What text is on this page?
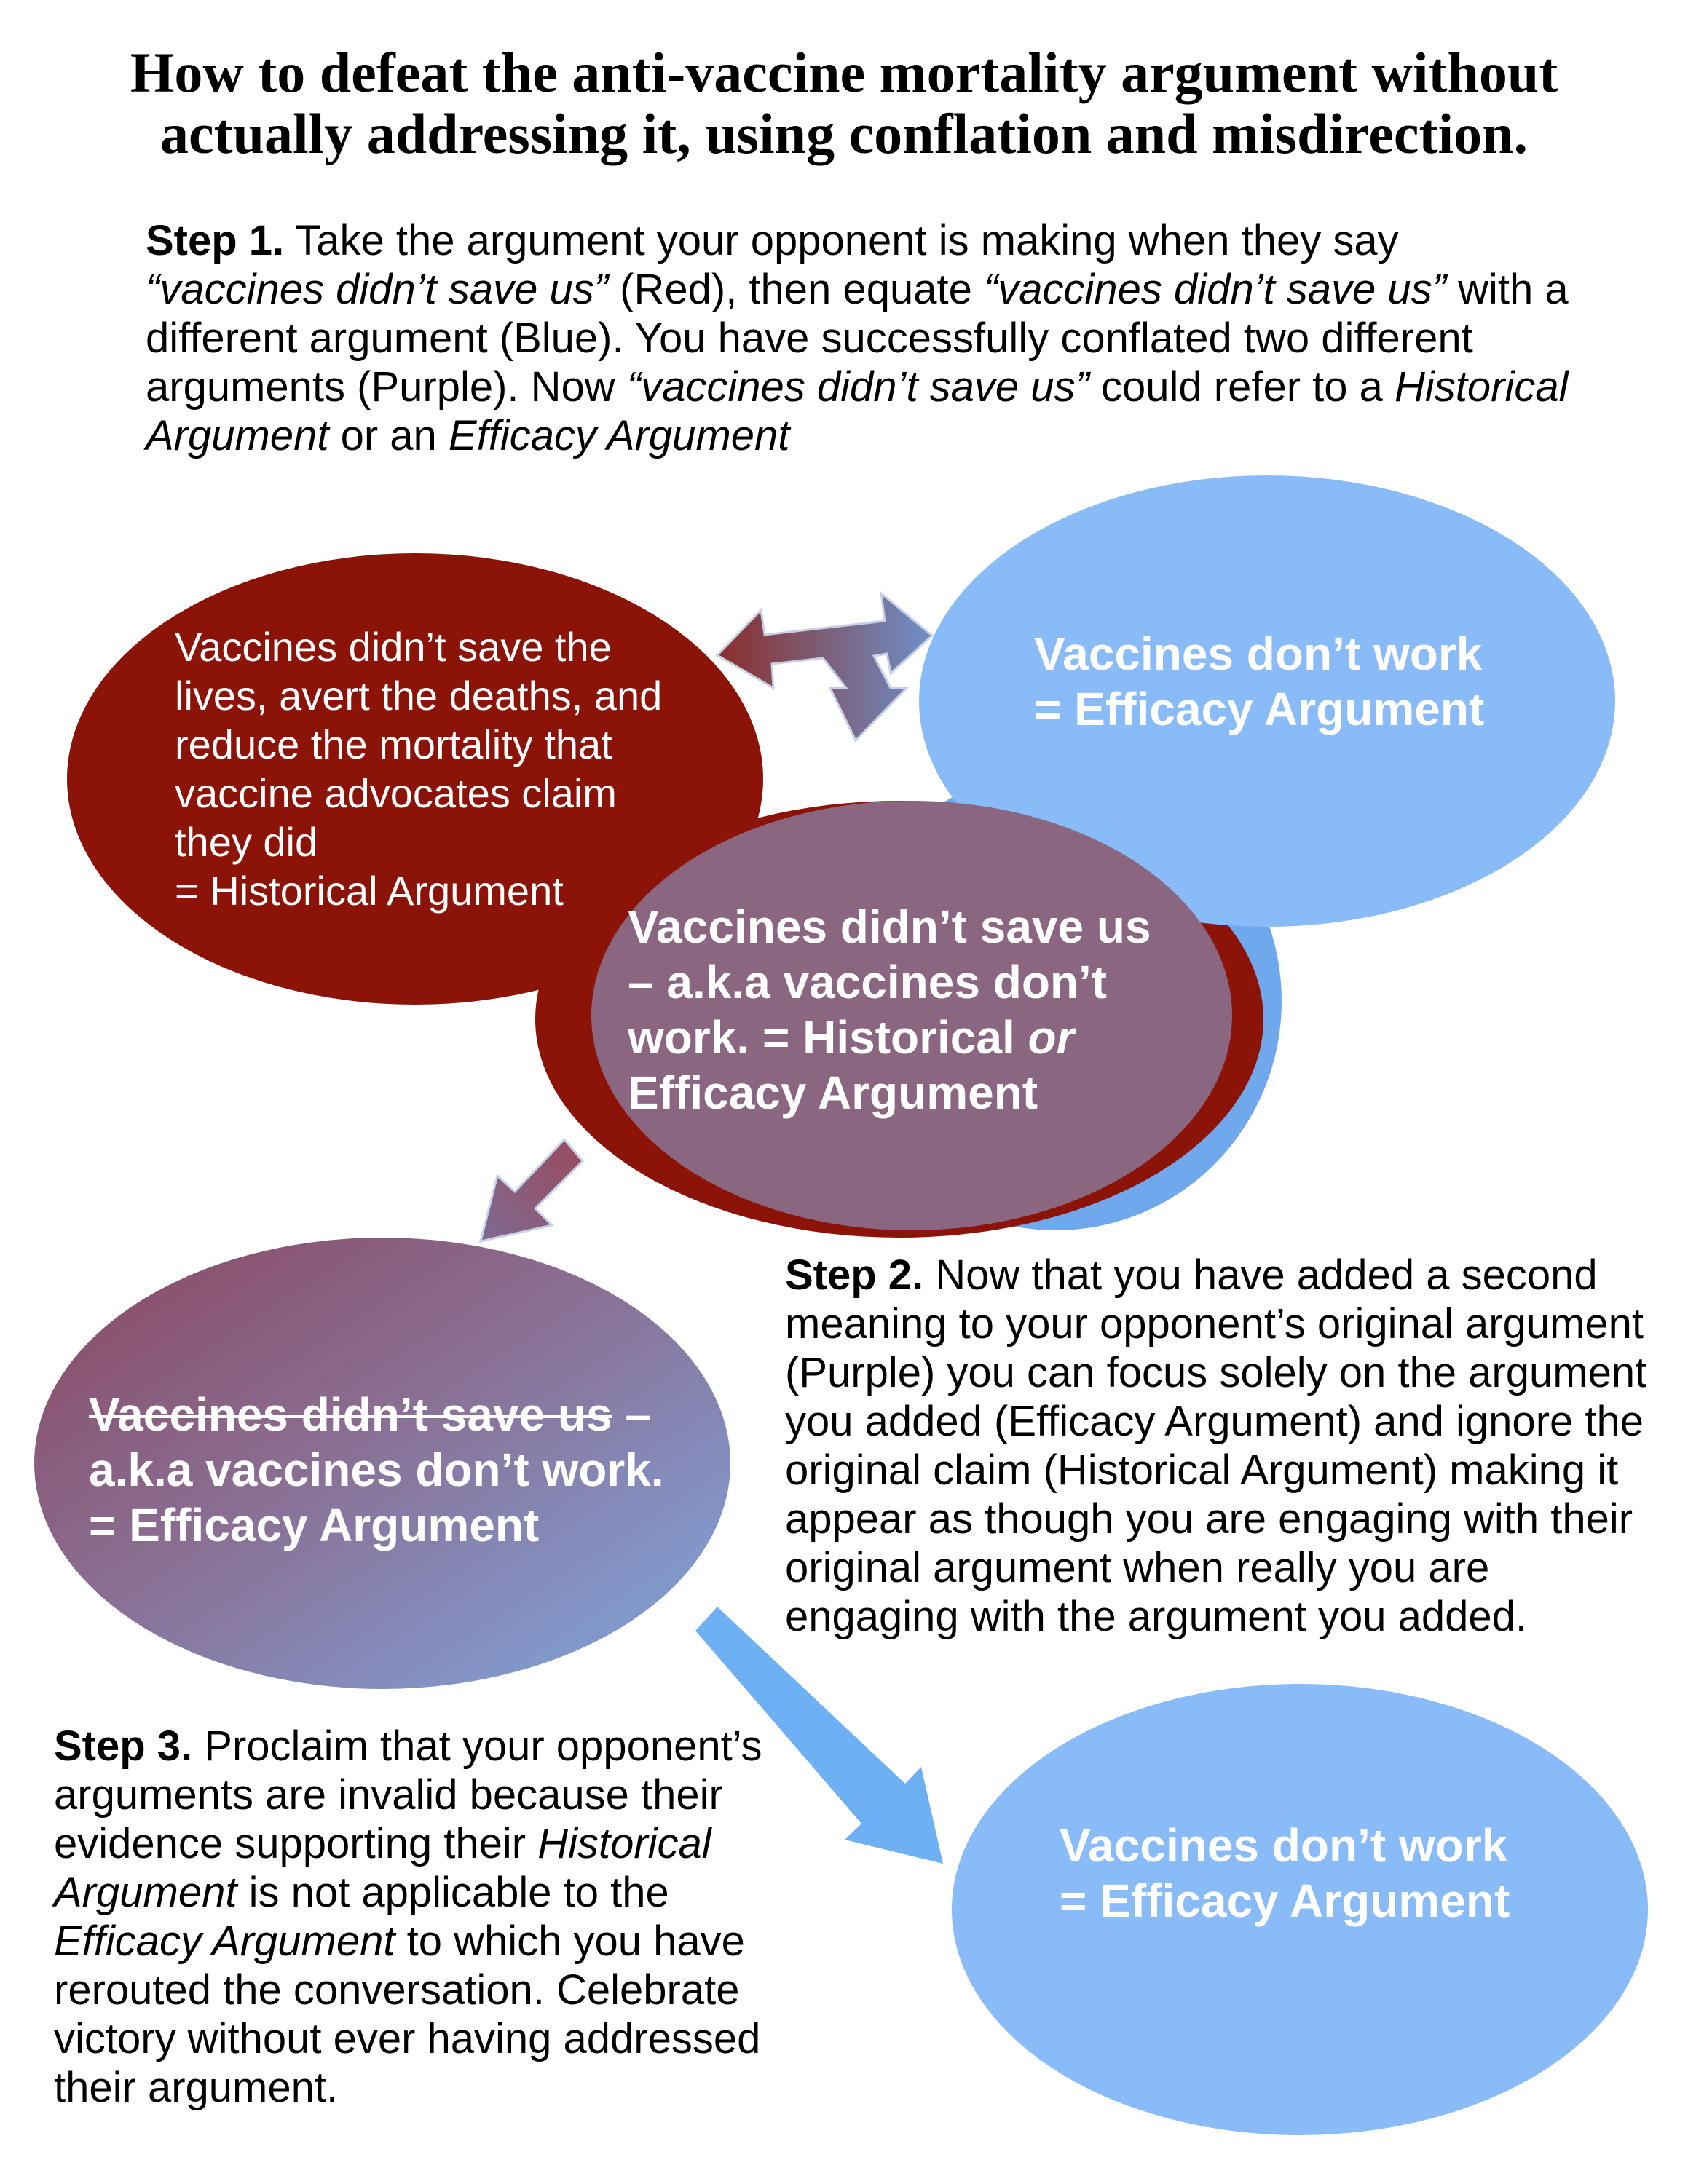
How to defeat the anti-vaccine mortality argument without
actually addressing it, using conflation and misdirection.
Step 1. Take the argument your opponent is making when they say “vaccines didn’t save us” (Red), then equate “vaccines didn’t save us” with a different argument (Blue). You have successfully conflated two different arguments (Purple). Now “vaccines didn’t save us” could refer to a Historical Argument or an Efficacy Argument
Vaccines didn’t save the
lives, avert the deaths, and
reduce the mortality that
vaccine advocates claim
they did
= Historical Argument
Vaccines don’t work
= Efficacy Argument
Vaccines didn’t save us
– a.k.a vaccines don’t
work. = Historical or
Efficacy Argument
Vaccines didn’t save us –
a.k.a vaccines don’t work.
= Efficacy Argument
Vaccines don’t work
= Efficacy Argument
Step 2. Now that you have added a second meaning to your opponent’s original argument (Purple) you can focus solely on the argument you added (Efficacy Argument) and ignore the original claim (Historical Argument) making it appear as though you are engaging with their original argument when really you are engaging with the argument you added.
Step 3. Proclaim that your opponent’s arguments are invalid because their evidence supporting their Historical Argument is not applicable to the Efficacy Argument to which you have rerouted the conversation. Celebrate victory without ever having addressed their argument.
